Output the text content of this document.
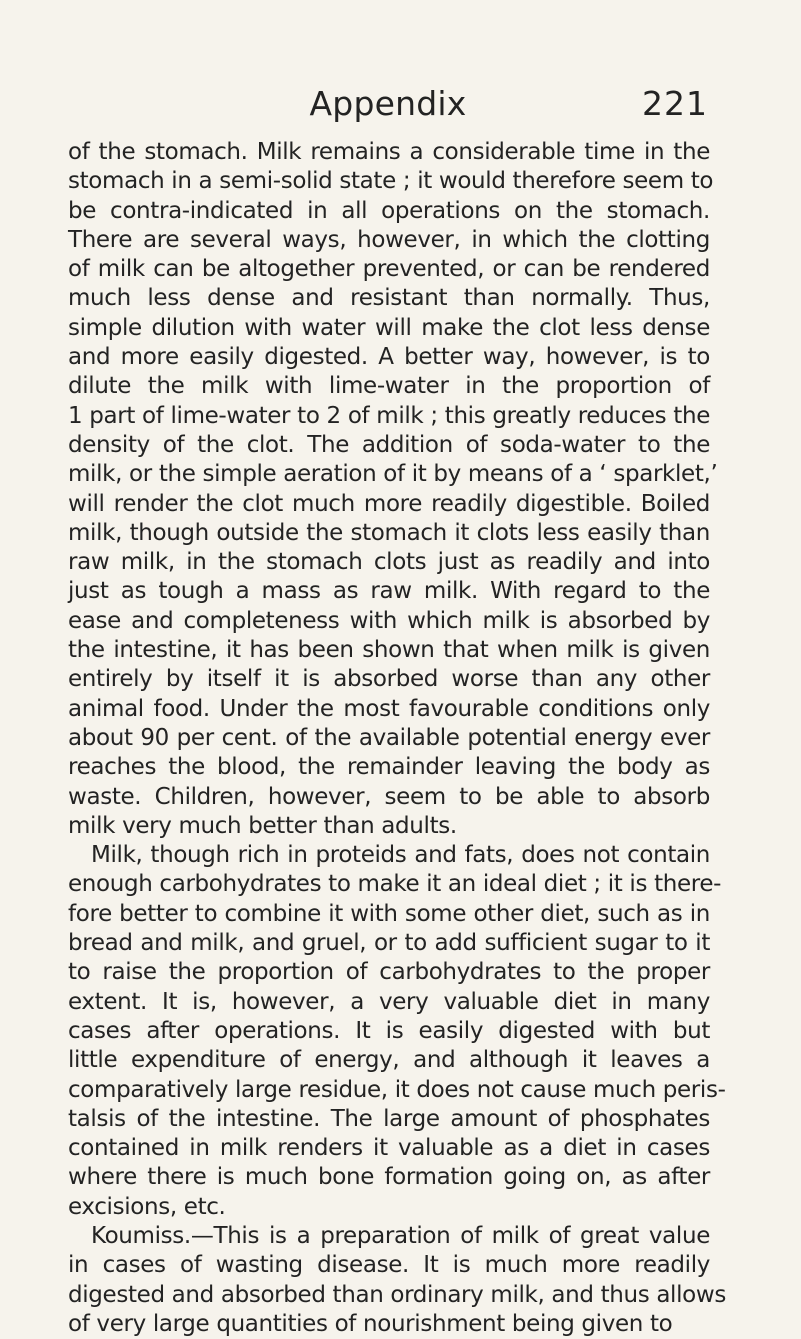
Appendix	221
of the stomach. Milk remains a considerable time in the
stomach in a semi-solid state ; it would therefore seem to
be contra-indicated in all operations on the stomach.
There are several ways, however, in which the clotting
of milk can be altogether prevented, or can be rendered
much less dense and resistant than normally. Thus,
simple dilution with water will make the clot less dense
and more easily digested. A better way, however, is to
dilute the milk with lime-water in the proportion of
1 part of lime-water to 2 of milk ; this greatly reduces the
density of the clot. The addition of soda-water to the
milk, or the simple aeration of it by means of a ‘ sparklet,’
will render the clot much more readily digestible. Boiled
milk, though outside the stomach it clots less easily than
raw milk, in the stomach clots just as readily and into
just as tough a mass as raw milk. With regard to the
ease and completeness with which milk is absorbed by
the intestine, it has been shown that when milk is given
entirely by itself it is absorbed worse than any other
animal food. Under the most favourable conditions only
about 90 per cent. of the available potential energy ever
reaches the blood, the remainder leaving the body as
waste. Children, however, seem to be able to absorb
milk very much better than adults.
Milk, though rich in proteids and fats, does not contain
enough carbohydrates to make it an ideal diet ; it is there-
fore better to combine it with some other diet, such as in
bread and milk, and gruel, or to add sufficient sugar to it
to raise the proportion of carbohydrates to the proper
extent. It is, however, a very valuable diet in many
cases after operations. It is easily digested with but
little expenditure of energy, and although it leaves a
comparatively large residue, it does not cause much peris-
talsis of the intestine. The large amount of phosphates
contained in milk renders it valuable as a diet in cases
where there is much bone formation going on, as after
excisions, etc.
Koumiss.—This is a preparation of milk of great value
in cases of wasting disease. It is much more readily
digested and absorbed than ordinary milk, and thus allows
of very large quantities of nourishment being given to
